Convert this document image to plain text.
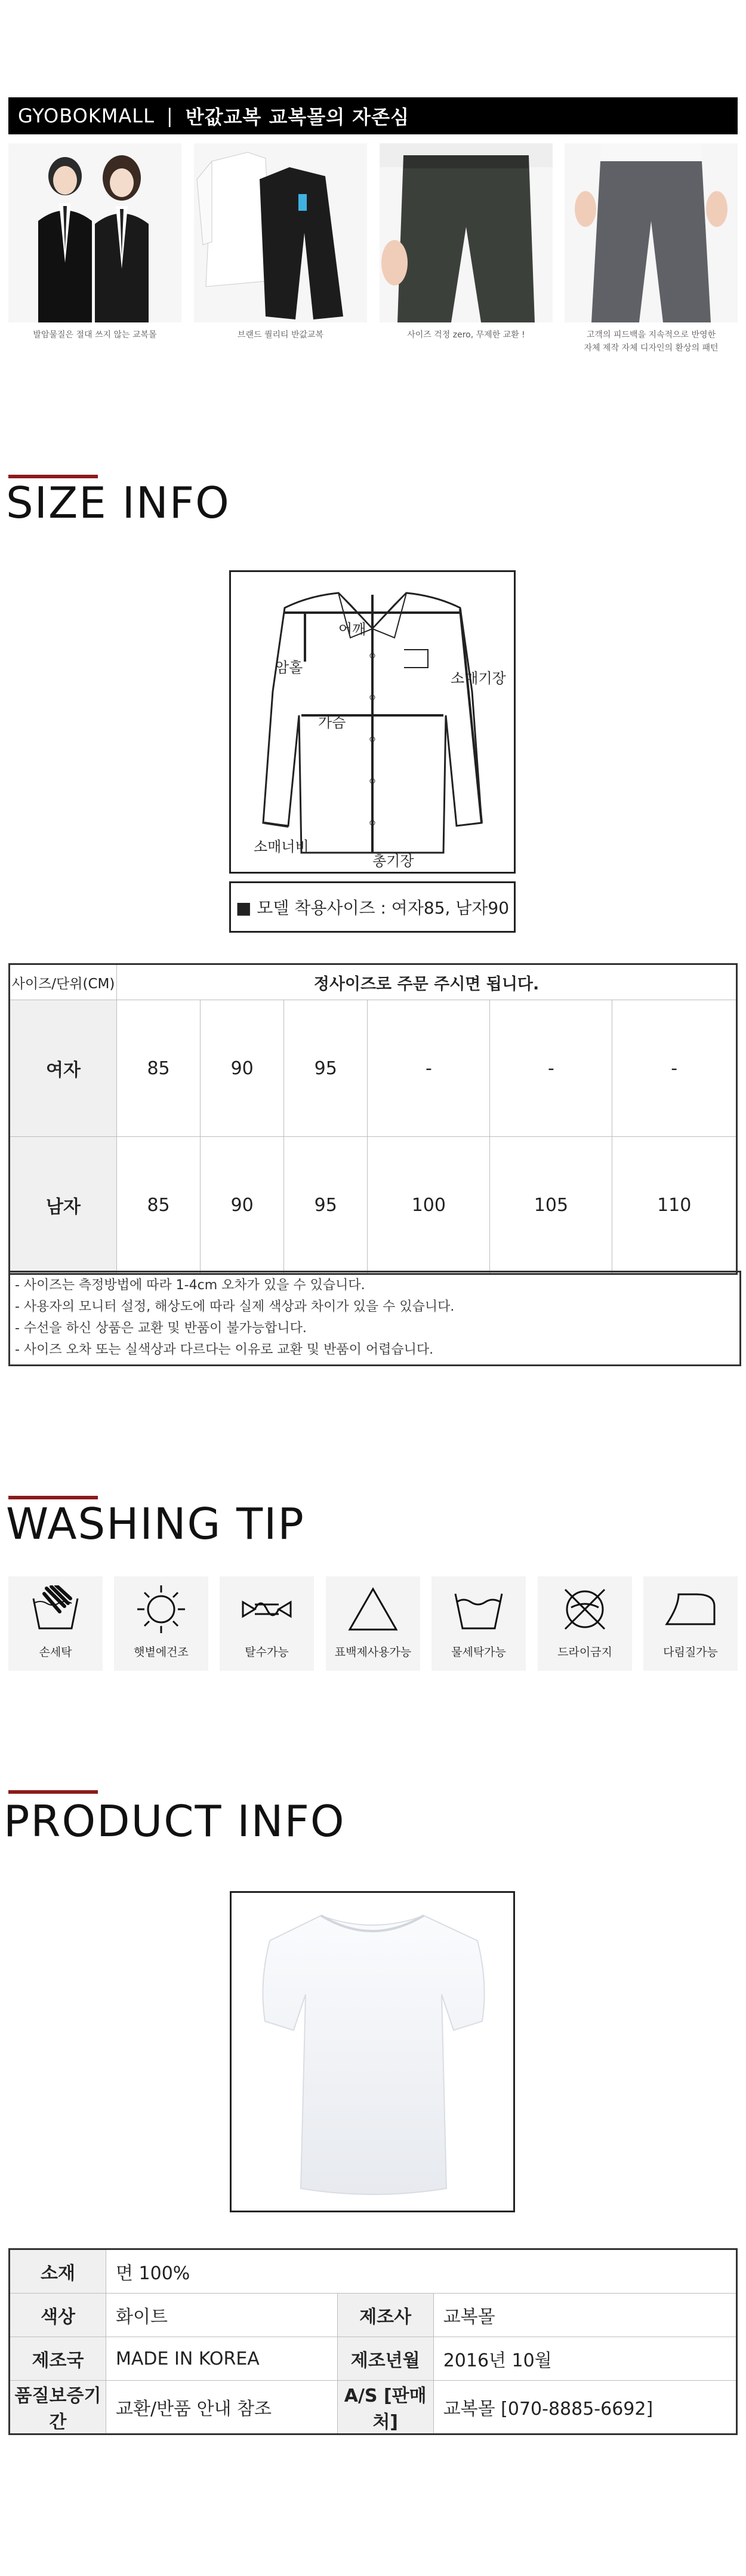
GYOBOKMALL | 반값교복 교복몰의 자존심
발암물질은 절대 쓰지 않는 교복몰	브랜드 퀄리티 반값교복	사이즈 걱정 zero, 무제한 교환 !	고객의 피드백을 지속적으로 반영한
자체 제작 자체 디자인의 환상의 패턴
SIZE INFO
어깨
암홀
소매기장
가슴
소매너비
총기장
■ 모델 착용사이즈 : 여자85, 남자90
사이즈/단위(CM)	정사이즈로 주문 주시면 됩니다.					
여자	85	90	95	-	-	-
남자	85	90	95	100	105	110
- 사이즈는 측정방법에 따라 1-4cm 오차가 있을 수 있습니다.
- 사용자의 모니터 설정, 해상도에 따라 실제 색상과 차이가 있을 수 있습니다.
- 수선을 하신 상품은 교환 및 반품이 불가능합니다.
- 사이즈 오차 또는 실색상과 다르다는 이유로 교환 및 반품이 어렵습니다.
WASHING TIP
손세탁	햇볕에건조	탈수가능	표백제사용가능	물세탁가능	드라이금지	다림질가능
PRODUCT INFO
소재	면 100%		
색상	화이트	제조사	교복몰
제조국	MADE IN KOREA	제조년월	2016년 10월
품질보증기간	교환/반품 안내 참조	A/S [판매처]	교복몰 [070-8885-6692]
